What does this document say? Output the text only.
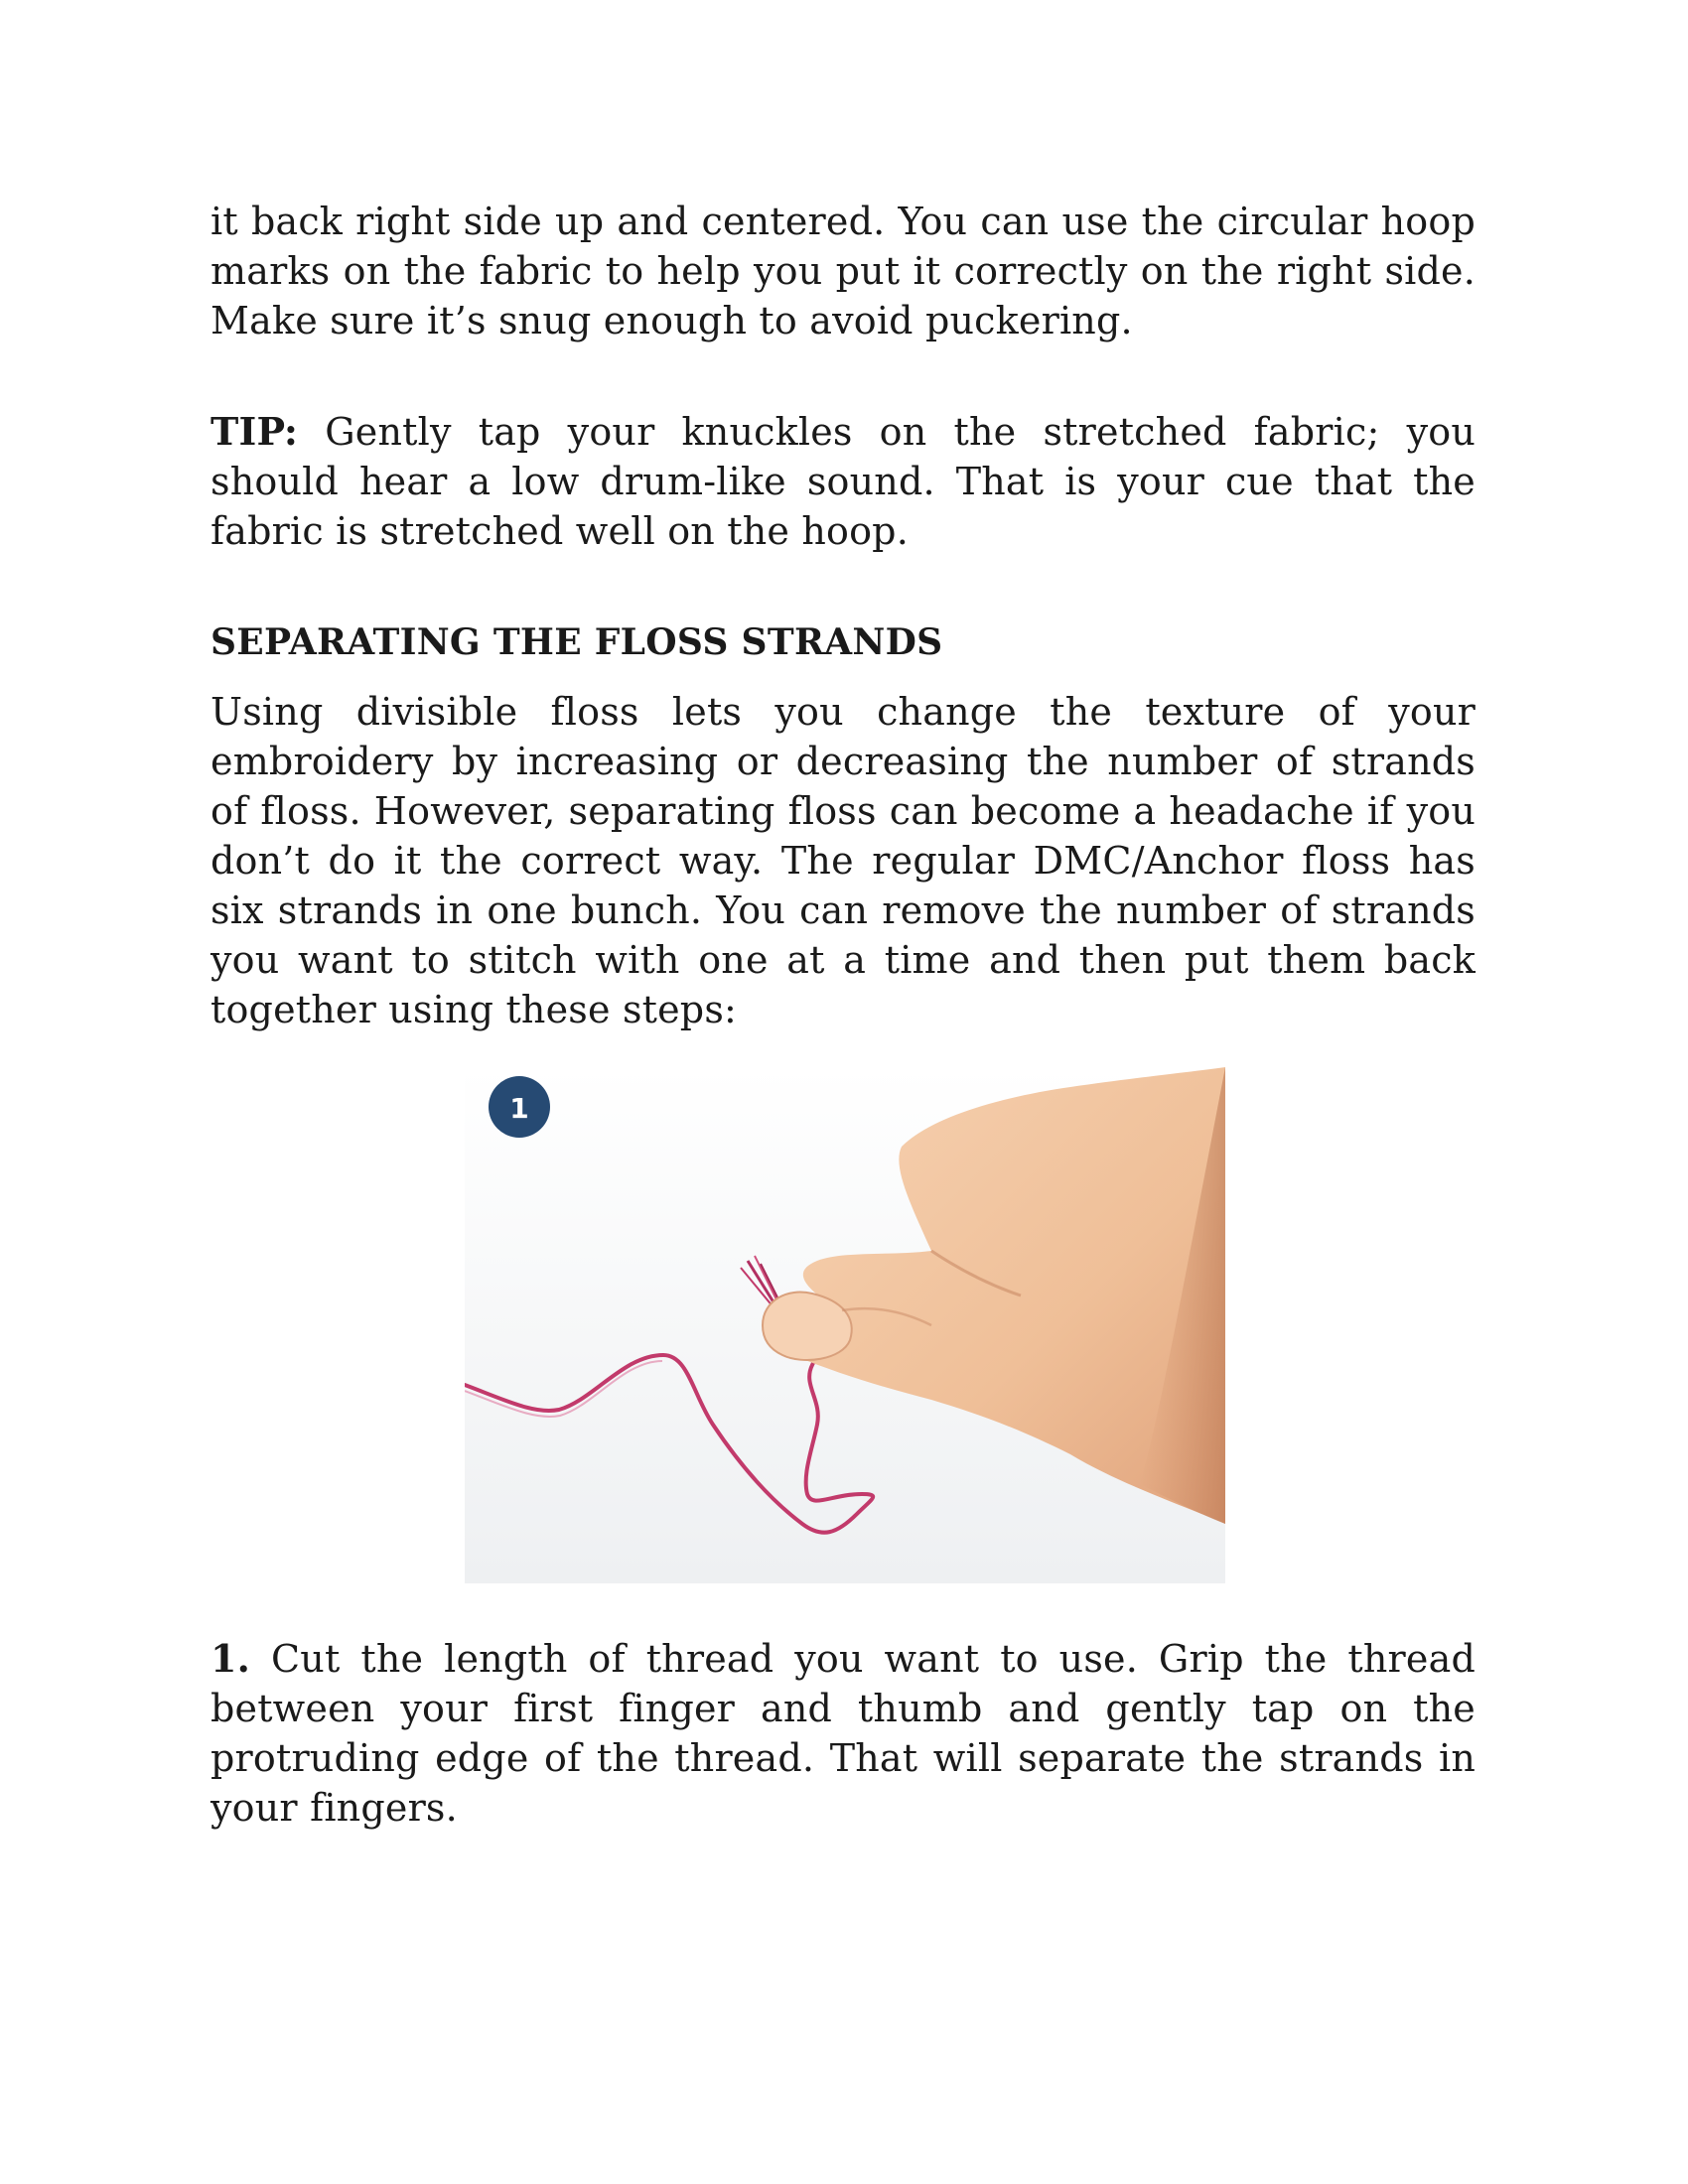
it back right side up and centered. You can use the circular hoop marks on the fabric to help you put it correctly on the right side. Make sure it’s snug enough to avoid puckering.

TIP: Gently tap your knuckles on the stretched fabric; you should hear a low drum-like sound. That is your cue that the fabric is stretched well on the hoop.

SEPARATING THE FLOSS STRANDS

Using divisible floss lets you change the texture of your embroidery by increasing or decreasing the number of strands of floss. However, separating floss can become a headache if you don’t do it the correct way. The regular DMC/Anchor floss has six strands in one bunch. You can remove the number of strands you want to stitch with one at a time and then put them back together using these steps:

1

1. Cut the length of thread you want to use. Grip the thread between your first finger and thumb and gently tap on the protruding edge of the thread. That will separate the strands in your fingers.
